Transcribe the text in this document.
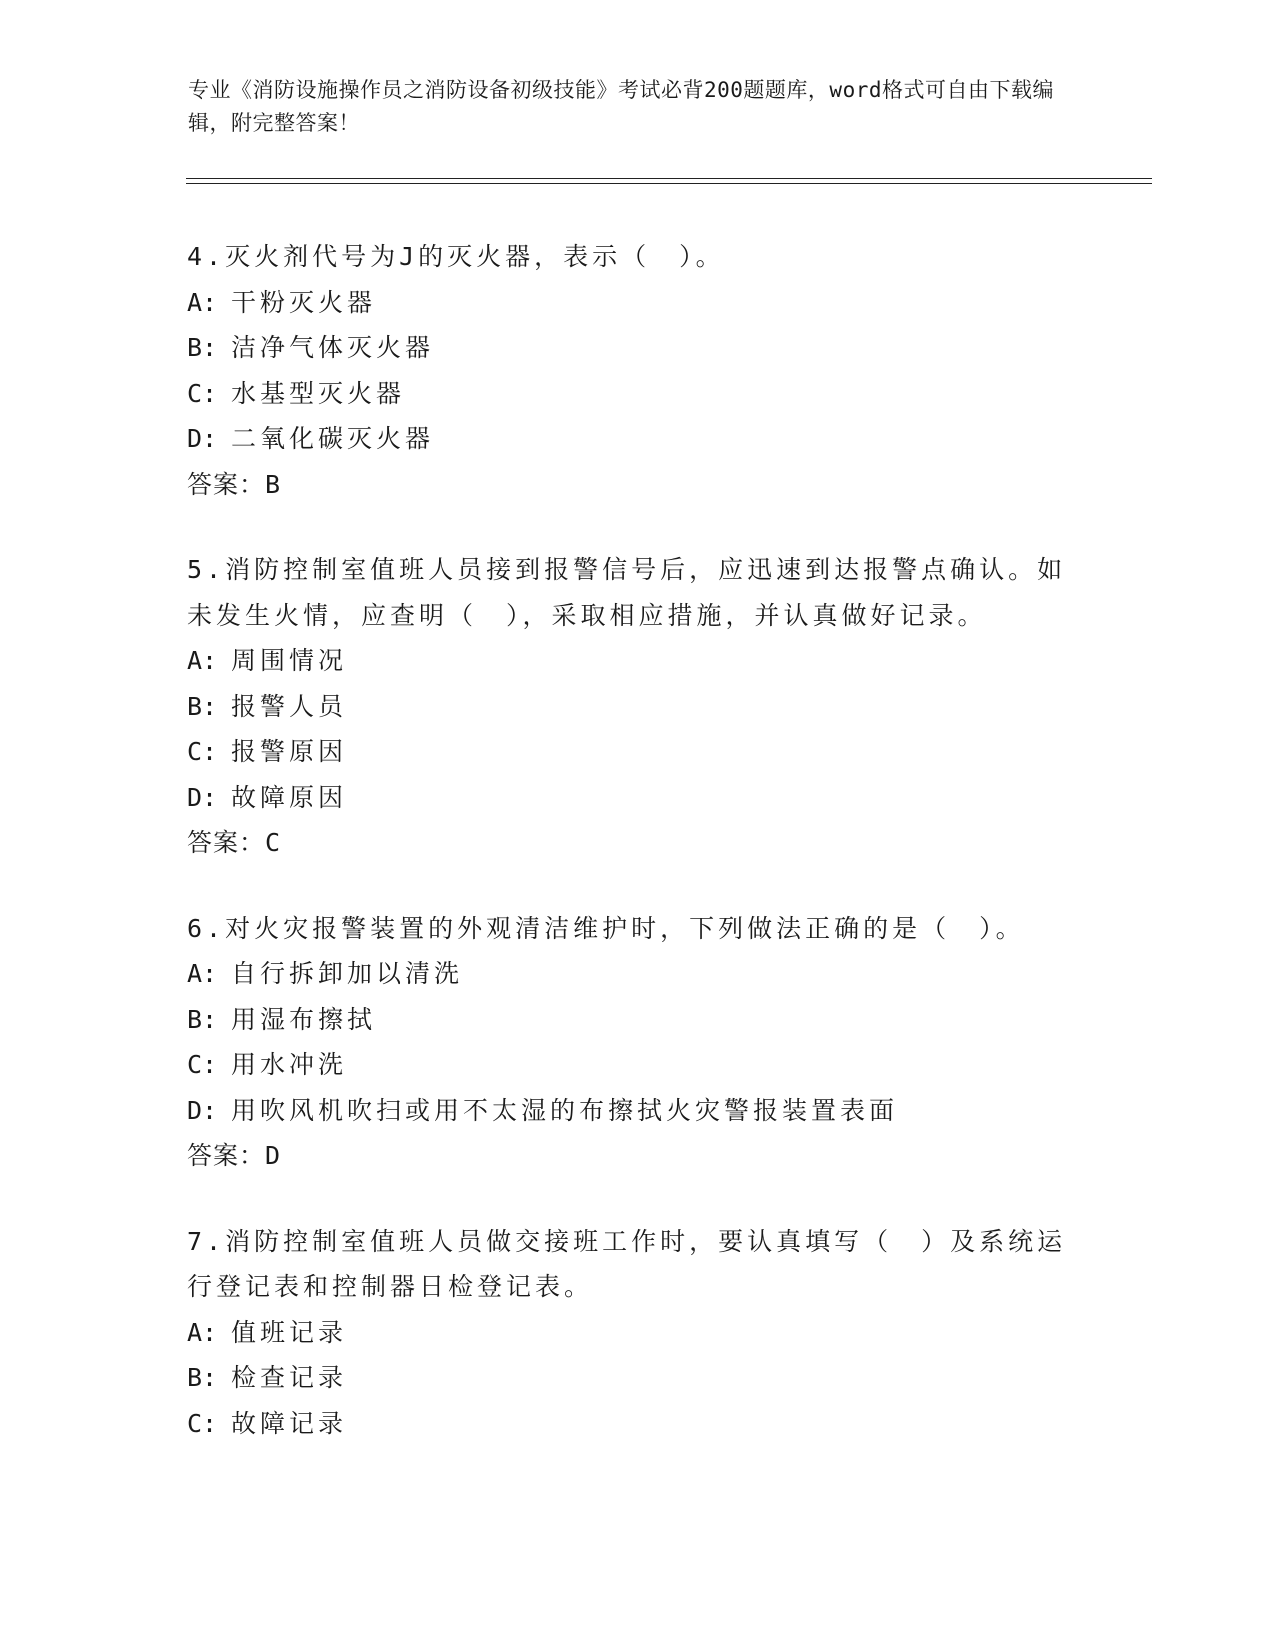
专业《消防设施操作员之消防设备初级技能》考试必背200题题库，word格式可自由下载编辑，附完整答案！
4.灭火剂代号为J的灭火器，表示（　）。
A: 干粉灭火器
B: 洁净气体灭火器
C: 水基型灭火器
D: 二氧化碳灭火器
答案：B
5.消防控制室值班人员接到报警信号后，应迅速到达报警点确认。如未发生火情，应查明（　），采取相应措施，并认真做好记录。
A: 周围情况
B: 报警人员
C: 报警原因
D: 故障原因
答案：C
6.对火灾报警装置的外观清洁维护时，下列做法正确的是（　）。
A: 自行拆卸加以清洗
B: 用湿布擦拭
C: 用水冲洗
D: 用吹风机吹扫或用不太湿的布擦拭火灾警报装置表面
答案：D
7.消防控制室值班人员做交接班工作时，要认真填写（　）及系统运行登记表和控制器日检登记表。
A: 值班记录
B: 检查记录
C: 故障记录
